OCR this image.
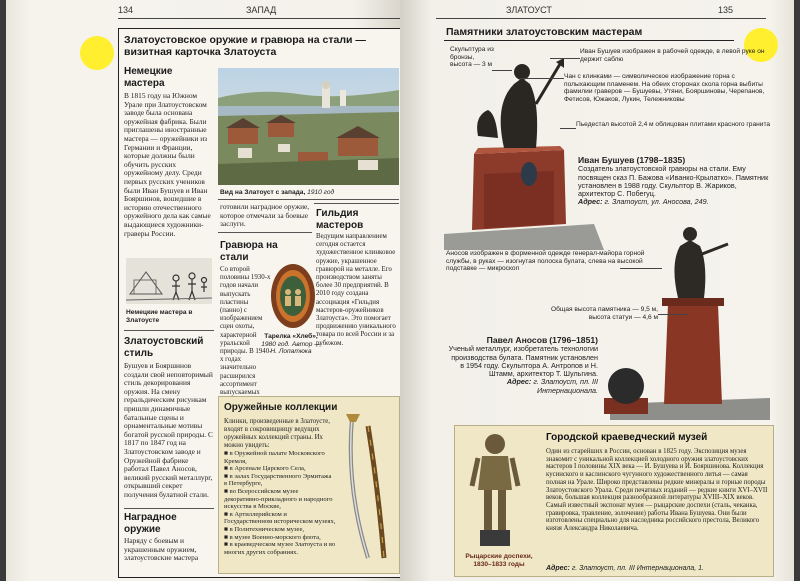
134	ЗАПАД
Златоустовское оружие и гравюра на стали — визитная карточка Златоуста
Немецкие мастера
В 1815 году на Южном Урале при Златоустовском заводе была основана оружейная фабрика. Были приглашены иностранные мастера — оружейники из Германии и Франции, которые должны были обучить русских оружейному делу. Среди первых русских учеников были Иван Бушуев и Иван Бояршинов, вошедшие в историю отечественного оружейного дела как самые выдающиеся художники-граверы России.
Вид на Златоуст с запада, 1910 год
Немецкие мастера в Златоусте
Златоустовский стиль
Бушуев и Бояршинов создали свой неповторимый стиль декорирования оружия. На смену геральдическим рисункам пришли динамичные батальные сцены и орнаментальные мотивы богатой русской природы. С 1817 по 1847 год на Златоустовском заводе и Оружейной фабрике работал Павел Аносов, великий русский металлург, открывший секрет получения булатной стали.
Наградное оружие
Наряду с боевым и украшенным оружием, златоустовские мастера
готовили наградное оружие, которое отмечали за боевые заслуги.
Гравюра на стали
Со второй половины 1930-х годов начали выпускать пластины (панно) с изображением сцен охоты, характерной уральской природы. В 1940-х годах значительно расширился ассортимент выпускаемых
Тарелка «Хлеб»,
1980 год. Автор — Н. Лопатюка
Гильдия мастеров
Ведущим направлением сегодня остается художественное клинковое оружие, украшенное гравюрой на металле. Его производством заняты более 30 предприятий. В 2010 году создана ассоциация «Гильдия мастеров-оружейников Златоуста». Это помогает продвижению уникального товара по всей России и за рубежом.
Оружейные коллекции
Клинки, произведенные в Златоусте, входят в сокровищницу ведущих оружейных коллекций страны. Их можно увидеть:
■ в Оружейной палате Московского Кремля,
■ в Арсенале Царского Села,
■ в залах Государственного Эрмитажа в Петербурге,
■ во Всероссийском музее декоративно-прикладного и народного искусства в Москве,
■ в Артиллерийском и Государственном историческом музеях,
■ в Политехническом музее,
■ в музее Военно-морского флота,
■ в краеведческом музее Златоуста и во многих других собраниях.
ЗЛАТОУСТ	135
Памятники златоустовским мастерам
Скульптура из бронзы, высота — 3 м
Иван Бушуев изображен в рабочей одежде, в левой руке он держит саблю
Чан с клинками — символическое изображение горна с полыхающим пламенем. На обеих сторонах скола горна выбиты фамилии граверов — Бушуевы, Утяни, Бояршиновы, Черепанов, Фетисов, Южаков, Лукин, Тележниковы
Пьедестал высотой 2,4 м облицован плитами красного гранита
Иван Бушуев (1798–1835)
Создатель златоустовской гравюры на стали. Ему посвящен сказ П. Бажова «Иванко-Крылатко». Памятник установлен в 1988 году. Скульптор В. Жариков, архитектор С. Побегуц.
Адрес: г. Златоуст, ул. Аносова, 249.
Аносов изображен в форменной одежде генерал-майора горной службы, в руках — изогнутая полоска булата, слева на высокой подставке — микроскоп
Общая высота памятника — 9,5 м,
высота статуи — 4,6 м
Павел Аносов (1796–1851)
Ученый металлург, изобретатель технологии производства булата. Памятник установлен в 1954 году. Скульптора А. Антропов и Н. Штамм, архитектор Т. Шульгина.
Адрес: г. Златоуст, пл. III Интернационала.
Рыцарские доспехи, 1830–1833 годы
Городской краеведческий музей
Один из старейших в России, основан в 1825 году. Экспозиция музея знакомит с уникальной коллекцией холодного оружия златоустовских мастеров I половины XIX века — И. Бушуева и И. Бояршинова. Коллекция кусинского и каслинского чугунного художественного литья — самая полная на Урале. Широко представлены редкие минералы и горные породы Златоустовского Урала. Среди печатных изданий — редкие книги XVI–XVII веков, большая коллекция разнообразной литературы XVIII–XIX веков. Самый известный экспонат музея — рыцарские доспехи (сталь, чеканка, гравировка, травление, золочение) работы Ивана Бушуева. Они были изготовлены специально для наследника российского престола, Великого князя Александра Николаевича.
Адрес: г. Златоуст, пл. III Интернационала, 1.
